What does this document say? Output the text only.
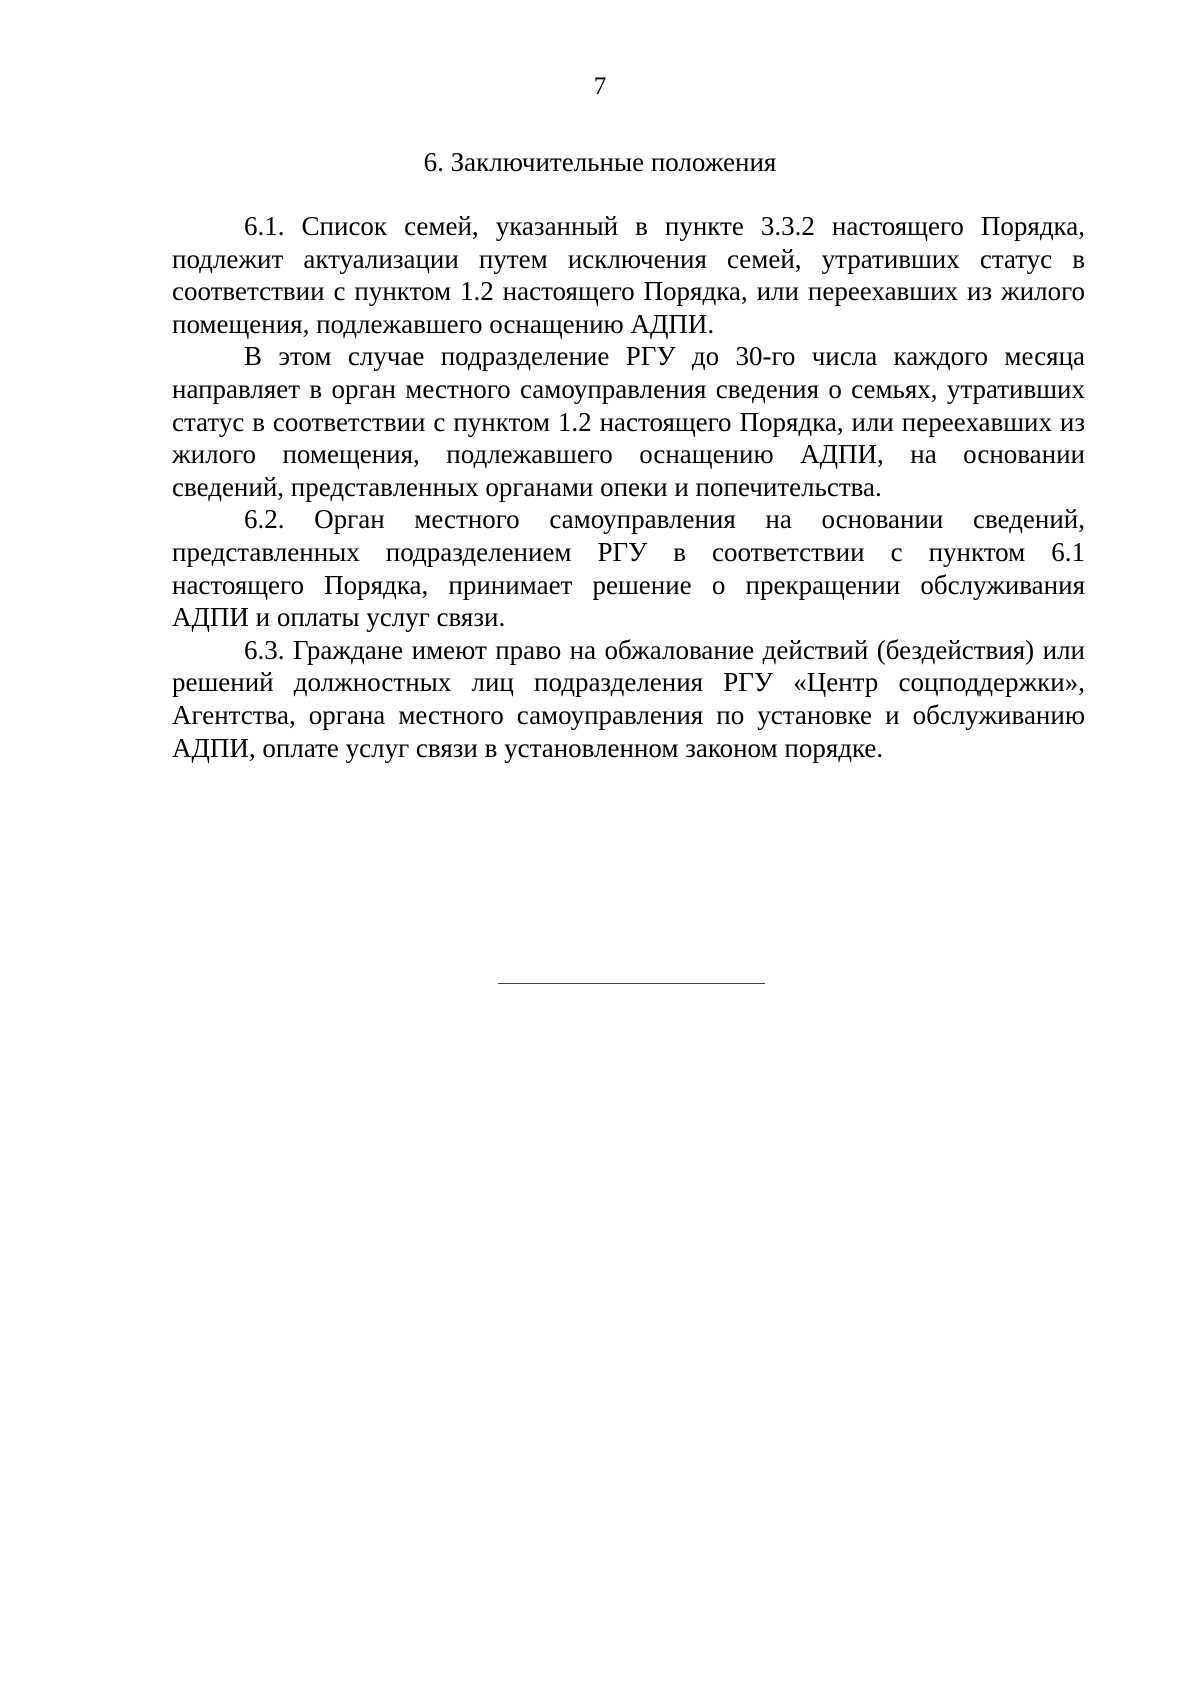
7

6. Заключительные положения

6.1. Список семей, указанный в пункте 3.3.2 настоящего Порядка, подлежит актуализации путем исключения семей, утративших статус в соответствии с пунктом 1.2 настоящего Порядка, или переехавших из жилого помещения, подлежавшего оснащению АДПИ.

В этом случае подразделение РГУ до 30-го числа каждого месяца направляет в орган местного самоуправления сведения о семьях, утративших статус в соответствии с пунктом 1.2 настоящего Порядка, или переехавших из жилого помещения, подлежавшего оснащению АДПИ, на основании сведений, представленных органами опеки и попечительства.

6.2. Орган местного самоуправления на основании сведений, представленных подразделением РГУ в соответствии с пунктом 6.1 настоящего Порядка, принимает решение о прекращении обслуживания АДПИ и оплаты услуг связи.

6.3. Граждане имеют право на обжалование действий (бездействия) или решений должностных лиц подразделения РГУ «Центр соцподдержки», Агентства, органа местного самоуправления по установке и обслуживанию АДПИ, оплате услуг связи в установленном законом порядке.
